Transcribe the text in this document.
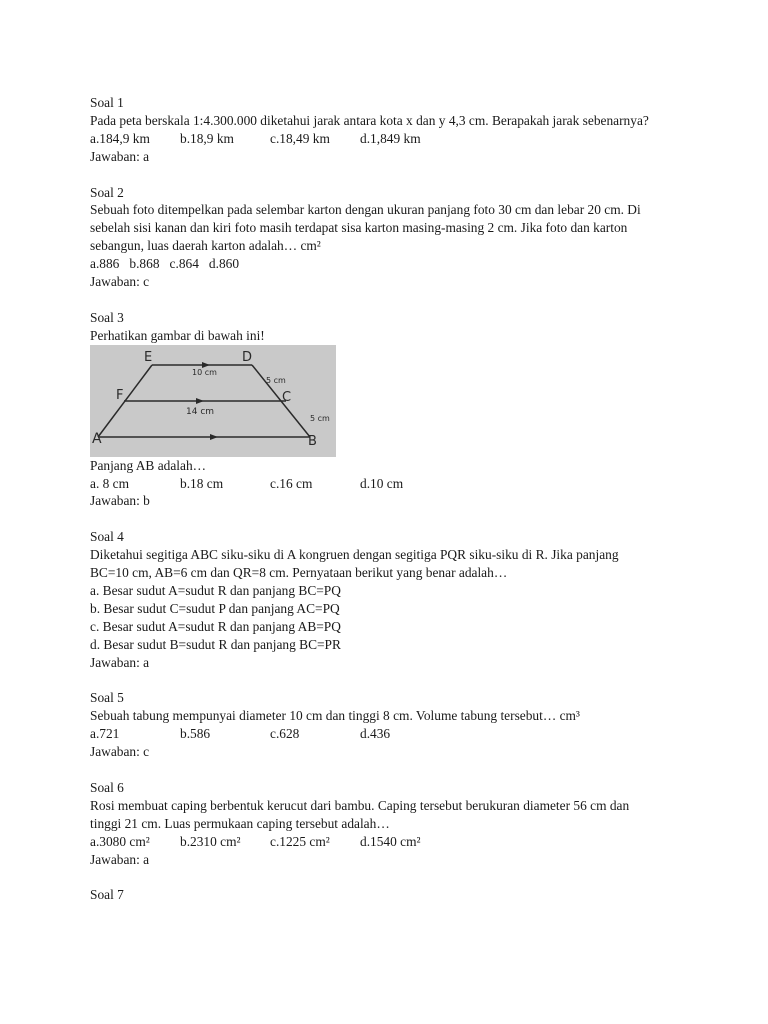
Soal 1
Pada peta berskala 1:4.300.000 diketahui jarak antara kota x dan y 4,3 cm. Berapakah jarak sebenarnya?
a.184,9 km	b.18,9 km	c.18,49 km	d.1,849 km
Jawaban: a
Soal 2
Sebuah foto ditempelkan pada selembar karton dengan ukuran panjang foto 30 cm dan lebar 20 cm. Di sebelah sisi kanan dan kiri foto masih terdapat sisa karton masing-masing 2 cm. Jika foto dan karton sebangun, luas daerah karton adalah… cm²
a.886 b.868 c.864 d.860
Jawaban: c
Soal 3
Perhatikan gambar di bawah ini!
E	D
F	C
A	B
10 cm
5 cm
14 cm
5 cm
Panjang AB adalah…
a. 8 cm	b.18 cm	c.16 cm	d.10 cm
Jawaban: b
Soal 4
Diketahui segitiga ABC siku-siku di A kongruen dengan segitiga PQR siku-siku di R. Jika panjang BC=10 cm, AB=6 cm dan QR=8 cm. Pernyataan berikut yang benar adalah…
a. Besar sudut A=sudut R dan panjang BC=PQ
b. Besar sudut C=sudut P dan panjang AC=PQ
c. Besar sudut A=sudut R dan panjang AB=PQ
d. Besar sudut B=sudut R dan panjang BC=PR
Jawaban: a
Soal 5
Sebuah tabung mempunyai diameter 10 cm dan tinggi 8 cm. Volume tabung tersebut… cm³
a.721	b.586	c.628	d.436
Jawaban: c
Soal 6
Rosi membuat caping berbentuk kerucut dari bambu. Caping tersebut berukuran diameter 56 cm dan tinggi 21 cm. Luas permukaan caping tersebut adalah…
a.3080 cm²	b.2310 cm²	c.1225 cm²	d.1540 cm²
Jawaban: a
Soal 7
